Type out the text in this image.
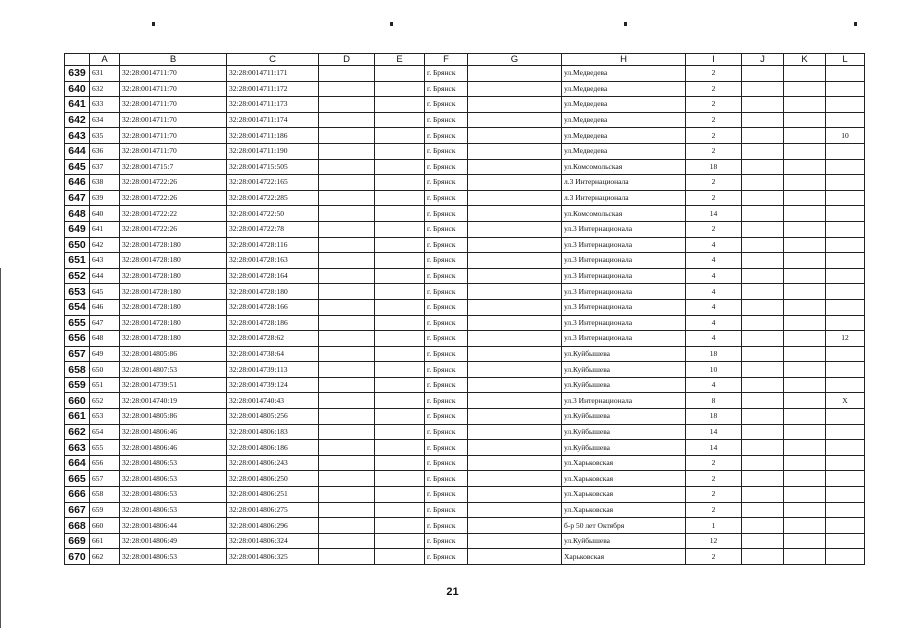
	A	B	C	D	E	F	G	H	I	J	K	L
639	631	32:28:0014711:70	32:28:0014711:171			г. Брянск		ул.Медведева	2			
640	632	32:28:0014711:70	32:28:0014711:172			г. Брянск		ул.Медведева	2			
641	633	32:28:0014711:70	32:28:0014711:173			г. Брянск		ул.Медведева	2			
642	634	32:28:0014711:70	32:28:0014711:174			г. Брянск		ул.Медведева	2			
643	635	32:28:0014711:70	32:28:0014711:186			г. Брянск		ул.Медведева	2			10
644	636	32:28:0014711:70	32:28:0014711:190			г. Брянск		ул.Медведева	2			
645	637	32:28:0014715:7	32:28:0014715:505			г. Брянск		ул.Комсомольская	18			
646	638	32:28:0014722:26	32:28:0014722:165			г. Брянск		л.3 Интернационала	2			
647	639	32:28:0014722:26	32:28:0014722:285			г. Брянск		л.3 Интернационала	2			
648	640	32:28:0014722:22	32:28:0014722:50			г. Брянск		ул.Комсомольская	14			
649	641	32:28:0014722:26	32:28:0014722:78			г. Брянск		ул.3 Интернационала	2			
650	642	32:28:0014728:180	32:28:0014728:116			г. Брянск		ул.3 Интернационала	4			
651	643	32:28:0014728:180	32:28:0014728:163			г. Брянск		ул.3 Интернационала	4			
652	644	32:28:0014728:180	32:28:0014728:164			г. Брянск		ул.3 Интернационала	4			
653	645	32:28:0014728:180	32:28:0014728:180			г. Брянск		ул.3 Интернационала	4			
654	646	32:28:0014728:180	32:28:0014728:166			г. Брянск		ул.3 Интернационала	4			
655	647	32:28:0014728:180	32:28:0014728:186			г. Брянск		ул.3 Интернационала	4			
656	648	32:28:0014728:180	32:28:0014728:62			г. Брянск		ул.3 Интернационала	4			12
657	649	32:28:0014805:86	32:28:0014738:64			г. Брянск		ул.Куйбышева	18			
658	650	32:28:0014807:53	32:28:0014739:113			г. Брянск		ул.Куйбышева	10			
659	651	32:28:0014739:51	32:28:0014739:124			г. Брянск		ул.Куйбышева	4			
660	652	32:28:0014740:19	32:28:0014740:43			г. Брянск		ул.3 Интернационала	8			X
661	653	32:28:0014805:86	32:28:0014805:256			г. Брянск		ул.Куйбышева	18			
662	654	32:28:0014806:46	32:28:0014806:183			г. Брянск		ул.Куйбышева	14			
663	655	32:28:0014806:46	32:28:0014806:186			г. Брянск		ул.Куйбышева	14			
664	656	32:28:0014806:53	32:28:0014806:243			г. Брянск		ул.Харьковская	2			
665	657	32:28:0014806:53	32:28:0014806:250			г. Брянск		ул.Харьковская	2			
666	658	32:28:0014806:53	32:28:0014806:251			г. Брянск		ул.Харьковская	2			
667	659	32:28:0014806:53	32:28:0014806:275			г. Брянск		ул.Харьковская	2			
668	660	32:28:0014806:44	32:28:0014806:296			г. Брянск		б-р 50 лет Октября	1			
669	661	32:28:0014806:49	32:28:0014806:324			г. Брянск		ул.Куйбышева	12			
670	662	32:28:0014806:53	32:28:0014806:325			г. Брянск		Харьковская	2			
21
